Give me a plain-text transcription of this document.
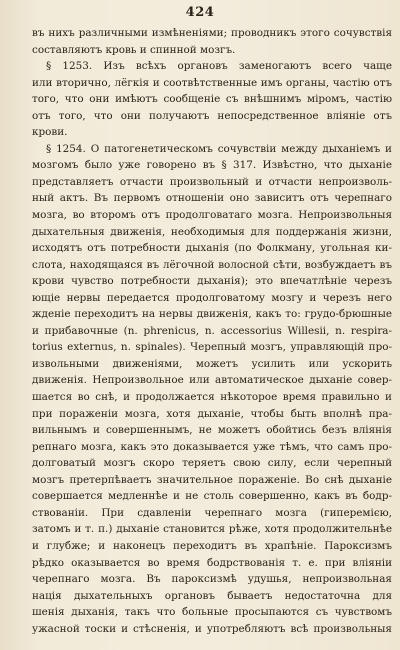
424
въ нихъ различными измѣненіями; проводникъ этого сочувствія
составляютъ кровь и спинной мозгъ.
§ 1253. Изъ всѣхъ органовъ заменогаютъ всего чаще
или вторично, лёгкія и соотвѣтственные имъ органы, частію отъ
того, что они имѣютъ сообщеніе съ внѣшнимъ міромъ, частію
отъ того, что они получаютъ непосредственное вліяніе отъ
крови.
§ 1254. О патогенетическомъ сочувствіи между дыханіемъ и
мозгомъ было уже говорено въ § 317. Извѣстно, что дыханіе
представляетъ отчасти произвольный и отчасти непроизволь-
ный актъ. Въ первомъ отношеніи оно зависитъ отъ черепнаго
мозга, во второмъ отъ продолговатаго мозга. Непроизвольныя
дыхательныя движенія, необходимыя для поддержанія жизни,
исходятъ отъ потребности дыханія (по Фолкману, угольная ки-
слота, находящаяся въ лёгочной волосной сѣти, возбуждаетъ въ
крови чувство потребности дыханія); это впечатлѣніе черезъ
ющіе нервы передается продолговатому мозгу и черезъ него
жденіе переходитъ на нервы движенія, какъ то: грудо-брюшные
и прибавочные (n. phrenicus, n. accessorius Willesii, n. respira-
torius externus, n. spinales). Черепный мозгъ, управляющій про-
извольными движеніями, можетъ усилить или ускорить
движенія. Непроизвольное или автоматическое дыханіе совер-
шается во снѣ, и продолжается нѣкоторое время правильно и
при пораженіи мозга, хотя дыханіе, чтобы быть вполнѣ пра-
вильнымъ и совершеннымъ, не можетъ обойтись безъ вліянія
репнаго мозга, какъ это доказывается уже тѣмъ, что самъ про-
долговатый мозгъ скоро теряетъ свою силу, если черепный
мозгъ претерпѣваетъ значительное пораженіе. Во снѣ дыханіе
совершается медленнѣе и не столь совершенно, какъ въ бодр-
ствованіи. При сдавленіи черепнаго мозга (гиперемією,
затомъ и т. п.) дыханіе становится рѣже, хотя продолжительнѣе
и глубже; и наконецъ переходитъ въ храпѣніе. Пароксизмъ
рѣдко оказывается во время бодрствованія т. е. при вліяніи
черепнаго мозга. Въ пароксизмѣ удушья, непроизвольная
нація дыхательныхъ органовъ бываетъ недостаточна для
шенія дыханія, такъ что больные просыпаются съ чувствомъ
ужасной тоски и стѣсненія, и употребляютъ всѣ произвольныя
